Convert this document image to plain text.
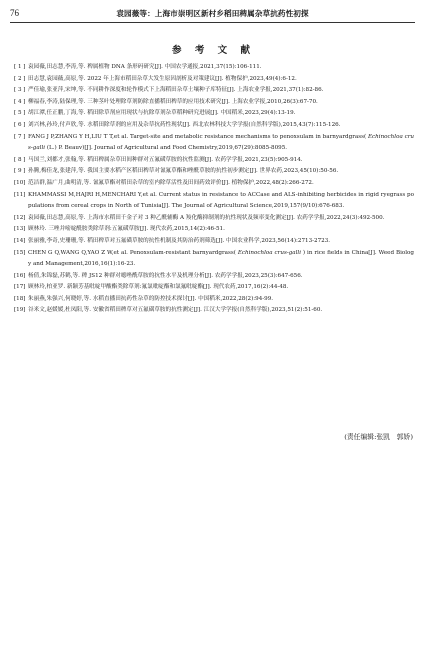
76	袁园薇等：上海市崇明区新村乡稻田稗属杂草抗药性初探
参 考 文 献
[ 1 ] 袁园薇,田志慧,李涛,等. 稗属植物 DNA 条形码研究[J]. 中国农学通报,2021,37(15):106-111.
[ 2 ] 田志慧,袁园薇,高原,等. 2022 年上海市稻田杂草大发生原因剖析及对策建议[J]. 植物保护,2023,49(4):6-12.
[ 3 ] 严佳瑜,张亚萍,宋坤,等. 不同耕作深度和轮作模式下上海稻田杂草土壤种子库特征[J]. 上海农业学报,2021,37(1):82-86.
[ 4 ] 柳福春,李涛,陆保理,等. 三种茎叶处理除草剂防除直播稻田稗草的应用技术研究[J]. 上海农业学报,2010,26(3):67-70.
[ 5 ] 胡江潭,任正鹏,丁海,等. 稻田除草剂应用现状与抗除草剂杂草稻种研究进展[J]. 中国稻米,2023,29(4):13-19.
[ 6 ] 刘兴林,孙玲,付声欣,等. 水稻田除草剂的应用及杂草抗药性现状[J]. 西北农林科技大学学报(自然科学版),2015,43(7):115-126.
[ 7 ] FANG J P,ZHANG Y H,LIU T T,et al. Target-site and metabolic resistance mechanisms to penoxsulam in barnyardgrass( Echinochloa crus-galli (L.) P. Beauv)[J]. Journal of Agricultural and Food Chemistry,2019,67(29):8085-8095.
[ 8 ] 马国兰,刘都才,张翰,等. 稻田稗属杂草田间种群对五氟磺草胺的抗性监测[J]. 农药学学报,2021,23(5):905-914.
[ 9 ] 孙腾,梅佳龙,张建萍,等. 我国主要水稻产区稻田稗草对氰氟草酯和唑酰草胺的抗性初步测定[J]. 世界农药,2023,45(10):50-56.
[10] 范洁群,温广月,曲明清,等. 氰氟草酯对稻田杂草的室内除草活性及田间药效评价[J]. 植物保护,2022,48(2):266-272.
[11] KHAMMASSI M,HAJRI H,MENCHARI Y,et al. Current status in resistance to ACCase and ALS-inhibiting herbicides in rigid ryegrass populations from cereal crops in North of Tunisia[J]. The Journal of Agricultural Science,2019,157(9/10):676-683.
[12] 袁园薇,田志慧,高原,等. 上海市水稻田千金子对 3 种乙酰辅酶 A 羧化酶抑制剂的抗性现状及频率变化测定[J]. 农药学学报,2022,24(3):492-500.
[13] 顾林玲. 三唑并嘧啶酰胺类除草剂:五氟磺草胺[J]. 现代农药,2015,14(2):46-51.
[14] 张丽雅,李奇,史珊珊,等. 稻田稗草对五氟磺草胺的抗性机制及其防治药剂筛选[J]. 中国农业科学,2023,56(14):2713-2723.
[15] CHEN G Q,WANG Q,YAO Z W,et al. Penoxsulam-resistant barnyardgrass( Echinochloa crus-galli ) in rice fields in China[J]. Weed Biology and Management,2016,16(1):16-23.
[16] 杨倩,朱锦磊,苏鹤,等. 稗 JS12 种群对噁唑酰草胺的抗性水平及机理分析[J]. 农药学学报,2023,25(3):647-656.
[17] 顾林玲,柏亚罗. 新颖芳基吡啶甲酸酯类除草剂:氟氯吡啶酯和氯氟吡啶酯[J]. 现代农药,2017,16(2):44-48.
[18] 朱丽燕,朱强兴,何晓婷,等. 水稻直播田抗药性杂草的防控技术探讨[J]. 中国稻米,2022,28(2):94-99.
[19] 谷米文,赵媛媛,杜凤阳,等. 安徽省稻田稗草对五氟磺草胺的抗性测定[J]. 江汉大学学报(自然科学版),2023,51(2):51-60.
(责任编辑:张凯　郭娇)
